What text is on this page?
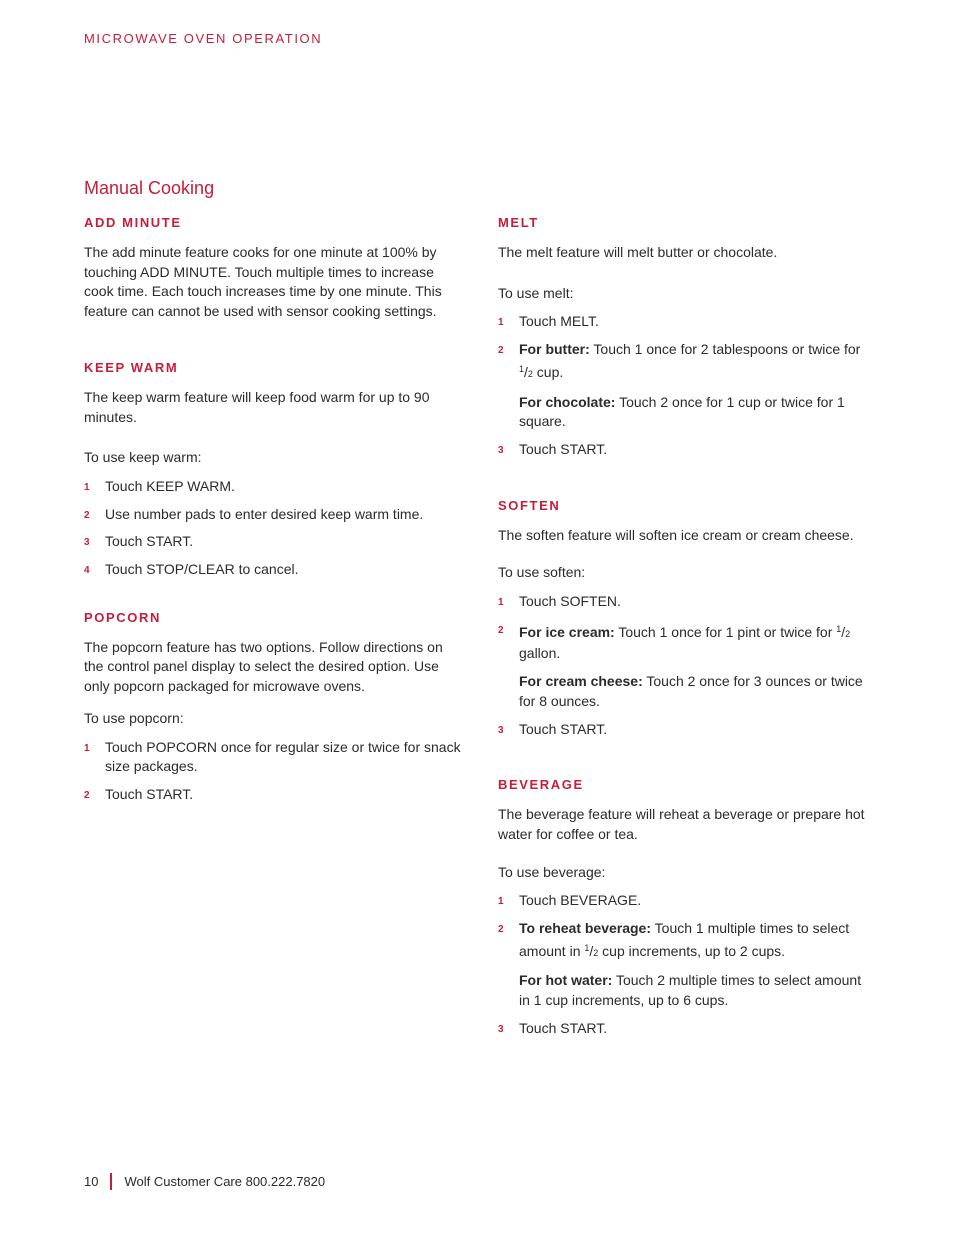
MICROWAVE OVEN OPERATION
Manual Cooking
ADD MINUTE

The add minute feature cooks for one minute at 100% by touching ADD MINUTE. Touch multiple times to increase cook time. Each touch increases time by one minute. This feature can cannot be used with sensor cooking settings.

KEEP WARM

The keep warm feature will keep food warm for up to 90 minutes.

To use keep warm:

1 Touch KEEP WARM.
2 Use number pads to enter desired keep warm time.
3 Touch START.
4 Touch STOP/CLEAR to cancel.
POPCORN

The popcorn feature has two options. Follow directions on the control panel display to select the desired option. Use only popcorn packaged for microwave ovens.

To use popcorn:

1 Touch POPCORN once for regular size or twice for snack size packages.
2 Touch START.
MELT

The melt feature will melt butter or chocolate.

To use melt:

1 Touch MELT.
2 For butter: Touch 1 once for 2 tablespoons or twice for $^1$/2 cup.
For chocolate: Touch 2 once for 1 cup or twice for 1 square.
3 Touch START.
SOFTEN

The soften feature will soften ice cream or cream cheese.

To use soften:

1 Touch SOFTEN.
2 For ice cream: Touch 1 once for 1 pint or twice for $^1$/2 gallon.
For cream cheese: Touch 2 once for 3 ounces or twice for 8 ounces.
3 Touch START.
BEVERAGE

The beverage feature will reheat a beverage or prepare hot water for coffee or tea.

To use beverage:

1 Touch BEVERAGE.
2 To reheat beverage: Touch 1 multiple times to select amount in $^1$/2 cup increments, up to 2 cups.
For hot water: Touch 2 multiple times to select amount in 1 cup increments, up to 6 cups.
3 Touch START.
10 Wolf Customer Care 800.222.7820
